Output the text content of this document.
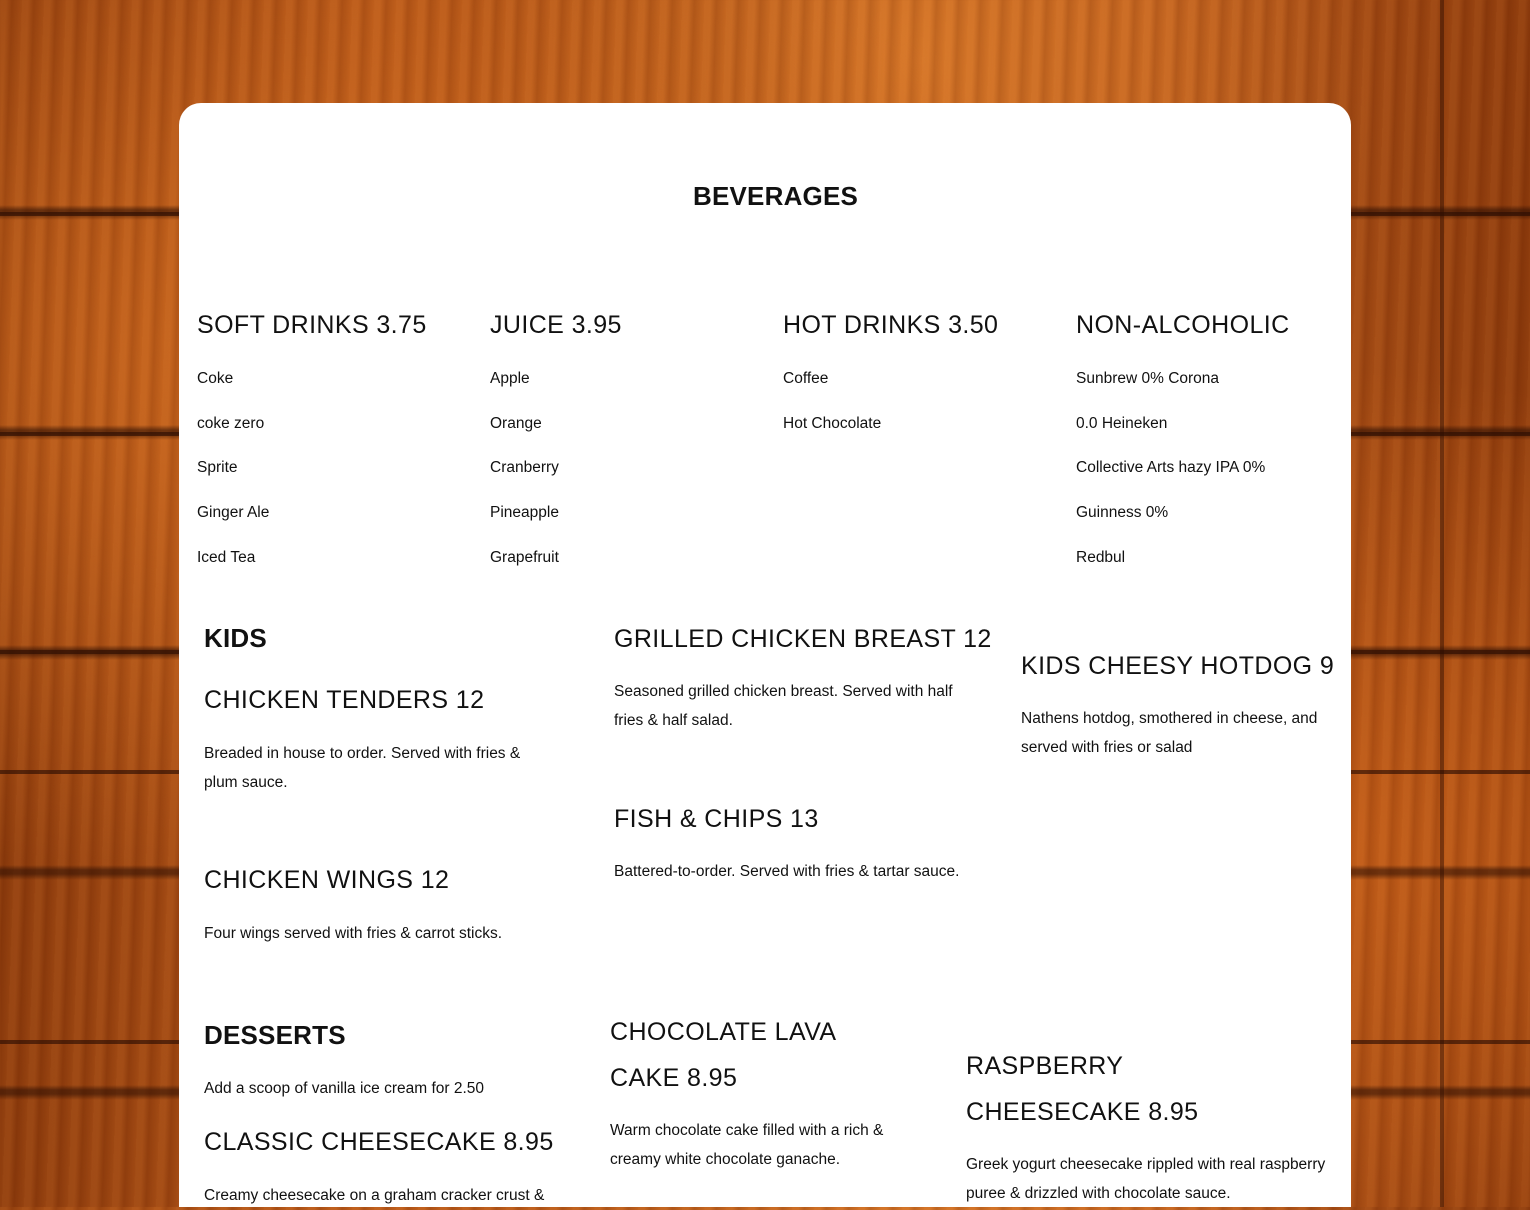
BEVERAGES
SOFT DRINKS 3.75
Coke
coke zero
Sprite
Ginger Ale
Iced Tea
JUICE 3.95
Apple
Orange
Cranberry
Pineapple
Grapefruit
HOT DRINKS 3.50
Coffee
Hot Chocolate
NON-ALCOHOLIC
Sunbrew 0% Corona
0.0 Heineken
Collective Arts hazy IPA 0%
Guinness 0%
Redbul
KIDS
CHICKEN TENDERS 12
Breaded in house to order. Served with fries & plum sauce.
CHICKEN WINGS 12
Four wings served with fries & carrot sticks.
GRILLED CHICKEN BREAST 12
Seasoned grilled chicken breast. Served with half fries & half salad.
FISH & CHIPS 13
Battered-to-order. Served with fries & tartar sauce.
KIDS CHEESY HOTDOG 9
Nathens hotdog, smothered in cheese, and served with fries or salad
DESSERTS
Add a scoop of vanilla ice cream for 2.50
CLASSIC CHEESECAKE 8.95
Creamy cheesecake on a graham cracker crust &
CHOCOLATE LAVA CAKE 8.95
Warm chocolate cake filled with a rich & creamy white chocolate ganache.
RASPBERRY CHEESECAKE 8.95
Greek yogurt cheesecake rippled with real raspberry puree & drizzled with chocolate sauce.
